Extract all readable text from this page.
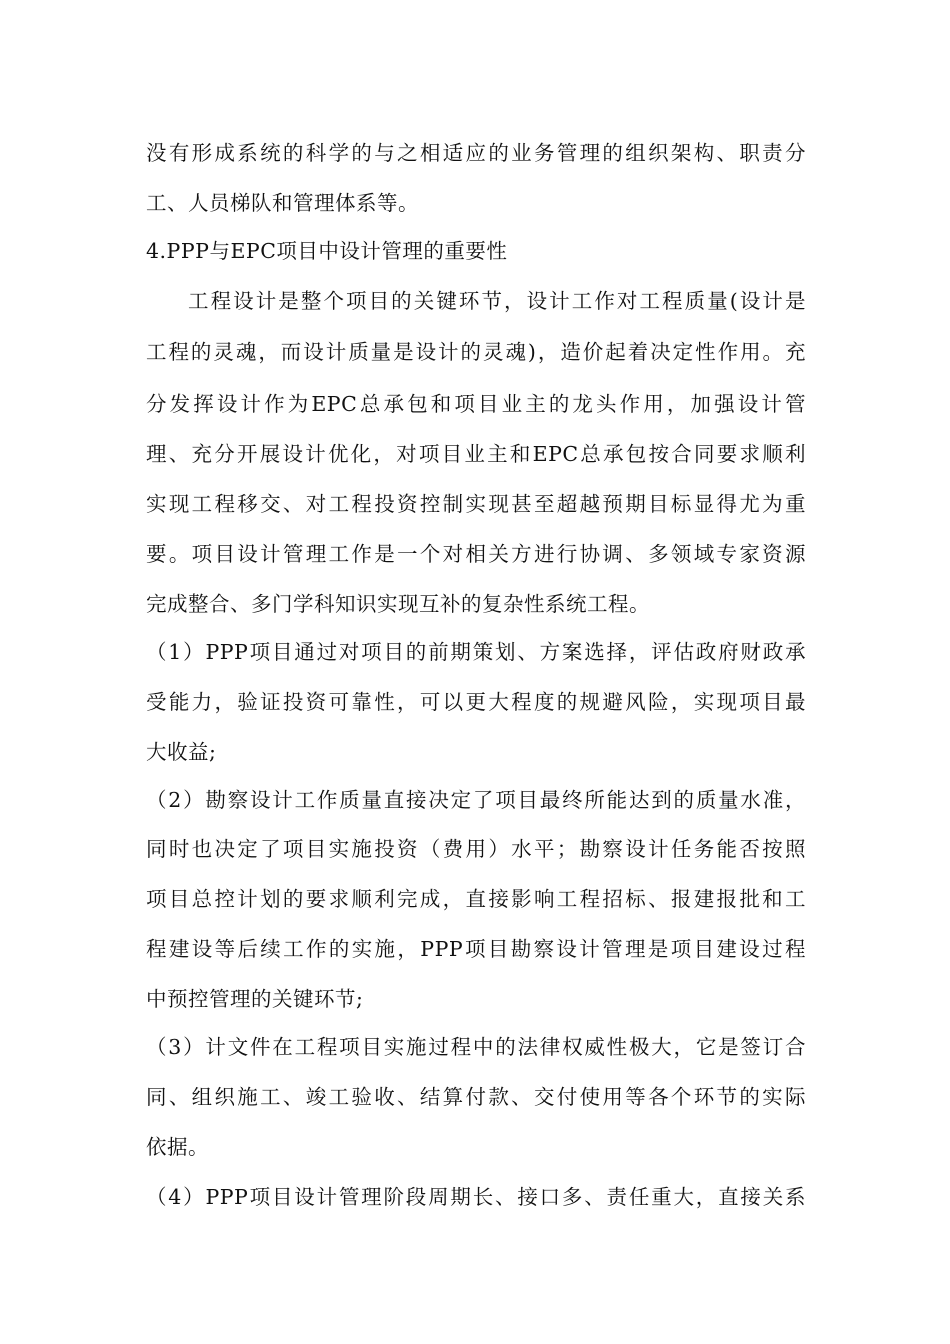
没有形成系统的科学的与之相适应的业务管理的组织架构、职责分
工、人员梯队和管理体系等。
4.PPP与EPC项目中设计管理的重要性
工程设计是整个项目的关键环节，设计工作对工程质量(设计是
工程的灵魂，而设计质量是设计的灵魂)，造价起着决定性作用。充
分发挥设计作为EPC总承包和项目业主的龙头作用，加强设计管
理、充分开展设计优化，对项目业主和EPC总承包按合同要求顺利
实现工程移交、对工程投资控制实现甚至超越预期目标显得尤为重
要。项目设计管理工作是一个对相关方进行协调、多领域专家资源
完成整合、多门学科知识实现互补的复杂性系统工程。
（1）PPP项目通过对项目的前期策划、方案选择，评估政府财政承
受能力，验证投资可靠性，可以更大程度的规避风险，实现项目最
大收益;
（2）勘察设计工作质量直接决定了项目最终所能达到的质量水准，
同时也决定了项目实施投资（费用）水平；勘察设计任务能否按照
项目总控计划的要求顺利完成，直接影响工程招标、报建报批和工
程建设等后续工作的实施，PPP项目勘察设计管理是项目建设过程
中预控管理的关键环节;
（3）计文件在工程项目实施过程中的法律权威性极大，它是签订合
同、组织施工、竣工验收、结算付款、交付使用等各个环节的实际
依据。
（4）PPP项目设计管理阶段周期长、接口多、责任重大，直接关系
